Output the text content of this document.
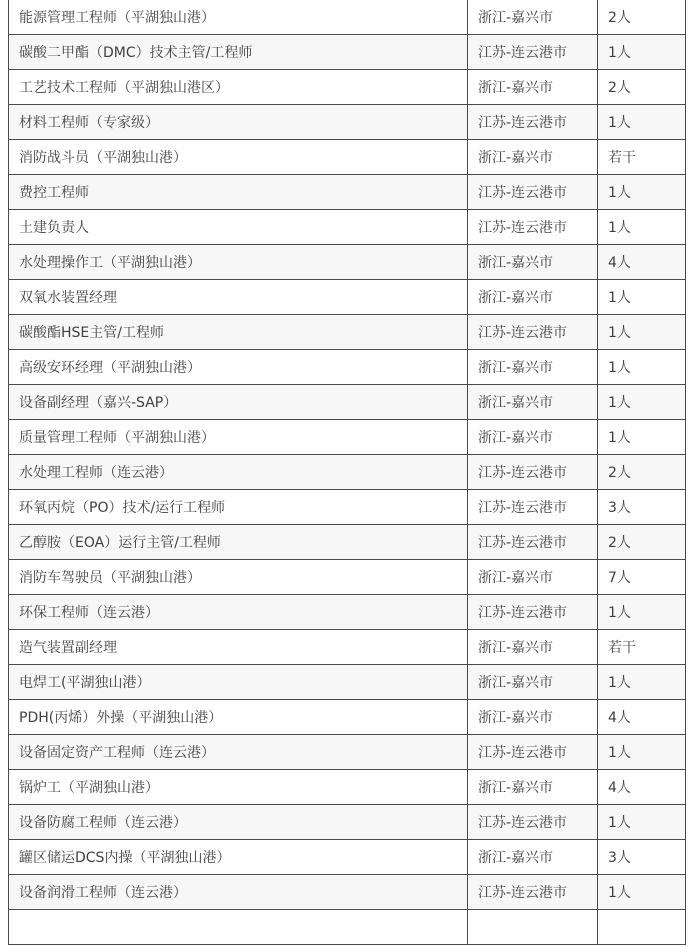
能源管理工程师（平湖独山港）	浙江-嘉兴市	2人
碳酸二甲酯（DMC）技术主管/工程师	江苏-连云港市	1人
工艺技术工程师（平湖独山港区）	浙江-嘉兴市	2人
材料工程师（专家级）	江苏-连云港市	1人
消防战斗员（平湖独山港）	浙江-嘉兴市	若干
费控工程师	江苏-连云港市	1人
土建负责人	江苏-连云港市	1人
水处理操作工（平湖独山港）	浙江-嘉兴市	4人
双氧水装置经理	浙江-嘉兴市	1人
碳酸酯HSE主管/工程师	江苏-连云港市	1人
高级安环经理（平湖独山港）	浙江-嘉兴市	1人
设备副经理（嘉兴-SAP）	浙江-嘉兴市	1人
质量管理工程师（平湖独山港）	浙江-嘉兴市	1人
水处理工程师（连云港）	江苏-连云港市	2人
环氧丙烷（PO）技术/运行工程师	江苏-连云港市	3人
乙醇胺（EOA）运行主管/工程师	江苏-连云港市	2人
消防车驾驶员（平湖独山港）	浙江-嘉兴市	7人
环保工程师（连云港）	江苏-连云港市	1人
造气装置副经理	浙江-嘉兴市	若干
电焊工(平湖独山港）	浙江-嘉兴市	1人
PDH(丙烯）外操（平湖独山港）	浙江-嘉兴市	4人
设备固定资产工程师（连云港）	江苏-连云港市	1人
锅炉工（平湖独山港）	浙江-嘉兴市	4人
设备防腐工程师（连云港）	江苏-连云港市	1人
罐区储运DCS内操（平湖独山港）	浙江-嘉兴市	3人
设备润滑工程师（连云港）	江苏-连云港市	1人
